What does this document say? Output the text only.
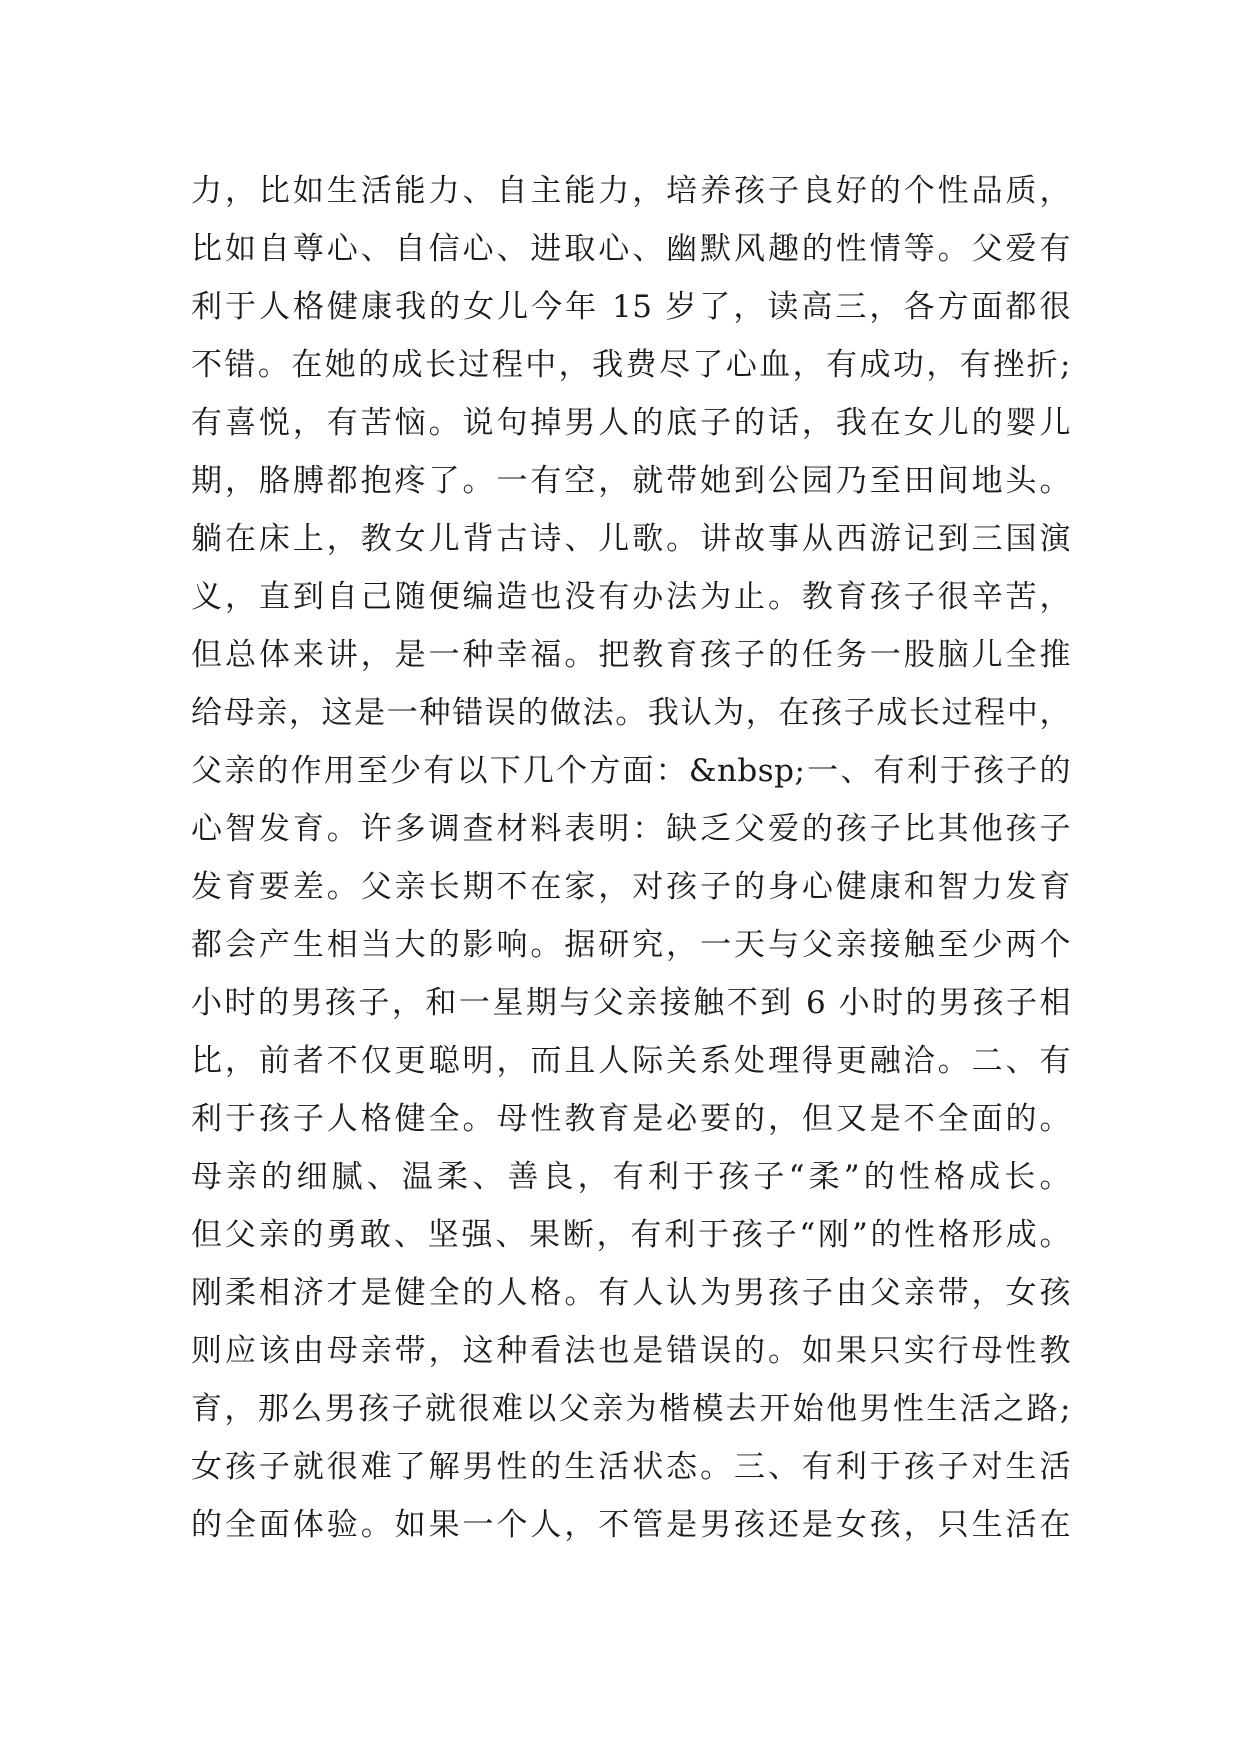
力，比如生活能力、自主能力，培养孩子良好的个性品质，
比如自尊心、自信心、进取心、幽默风趣的性情等。父爱有
利于人格健康我的女儿今年 15 岁了，读高三，各方面都很
不错。在她的成长过程中，我费尽了心血，有成功，有挫折;
有喜悦，有苦恼。说句掉男人的底子的话，我在女儿的婴儿
期，胳膊都抱疼了。一有空，就带她到公园乃至田间地头。
躺在床上，教女儿背古诗、儿歌。讲故事从西游记到三国演
义，直到自己随便编造也没有办法为止。教育孩子很辛苦，
但总体来讲，是一种幸福。把教育孩子的任务一股脑儿全推
给母亲，这是一种错误的做法。我认为，在孩子成长过程中，
父亲的作用至少有以下几个方面：&nbsp;一、有利于孩子的
心智发育。许多调查材料表明：缺乏父爱的孩子比其他孩子
发育要差。父亲长期不在家，对孩子的身心健康和智力发育
都会产生相当大的影响。据研究，一天与父亲接触至少两个
小时的男孩子，和一星期与父亲接触不到 6 小时的男孩子相
比，前者不仅更聪明，而且人际关系处理得更融洽。二、有
利于孩子人格健全。母性教育是必要的，但又是不全面的。
母亲的细腻、温柔、善良，有利于孩子“柔”的性格成长。
但父亲的勇敢、坚强、果断，有利于孩子“刚”的性格形成。
刚柔相济才是健全的人格。有人认为男孩子由父亲带，女孩
则应该由母亲带，这种看法也是错误的。如果只实行母性教
育，那么男孩子就很难以父亲为楷模去开始他男性生活之路;
女孩子就很难了解男性的生活状态。三、有利于孩子对生活
的全面体验。如果一个人，不管是男孩还是女孩，只生活在
